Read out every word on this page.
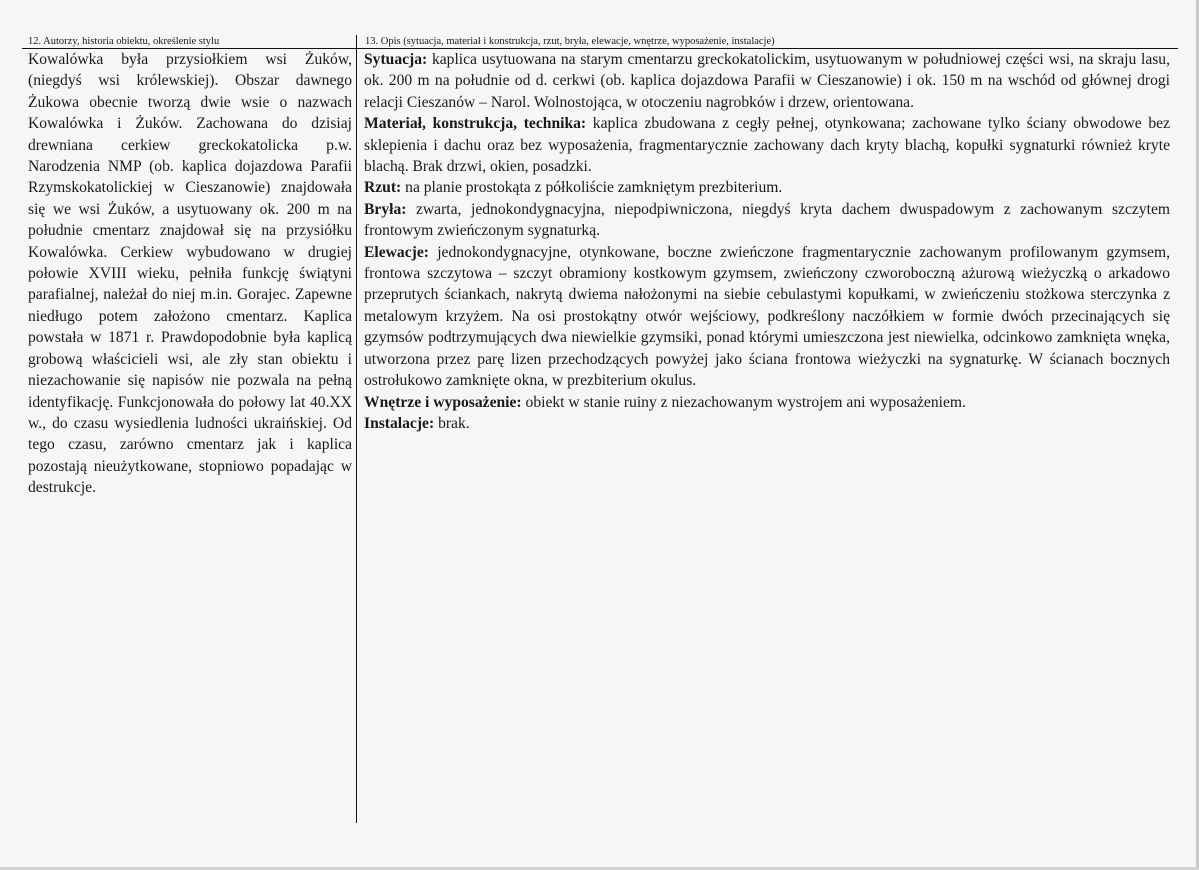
12. Autorzy, historia obiektu, określenie stylu	13. Opis (sytuacja, materiał i konstrukcja, rzut, bryła, elewacje, wnętrze, wyposażenie, instalacje)

Kowalówka była przysiołkiem wsi Żuków, (niegdyś wsi królewskiej). Obszar dawnego Żukowa obecnie tworzą dwie wsie o nazwach Kowalówka i Żuków. Zachowana do dzisiaj drewniana cerkiew greckokatolicka p.w. Narodzenia NMP (ob. kaplica dojazdowa Parafii Rzymskokatolickiej w Cieszanowie) znajdowała się we wsi Żuków, a usytuowany ok. 200 m na południe cmentarz znajdował się na przysiółku Kowalówka. Cerkiew wybudowano w drugiej połowie XVIII wieku, pełniła funkcję świątyni parafialnej, należał do niej m.in. Gorajec. Zapewne niedługo potem założono cmentarz. Kaplica powstała w 1871 r. Prawdopodobnie była kaplicą grobową właścicieli wsi, ale zły stan obiektu i niezachowanie się napisów nie pozwala na pełną identyfikację. Funkcjonowała do połowy lat 40.XX w., do czasu wysiedlenia ludności ukraińskiej. Od tego czasu, zarówno cmentarz jak i kaplica pozostają nieużytkowane, stopniowo popadając w destrukcje.

Sytuacja: kaplica usytuowana na starym cmentarzu greckokatolickim, usytuowanym w południowej części wsi, na skraju lasu, ok. 200 m na południe od d. cerkwi (ob. kaplica dojazdowa Parafii w Cieszanowie) i ok. 150 m na wschód od głównej drogi relacji Cieszanów – Narol. Wolnostojąca, w otoczeniu nagrobków i drzew, orientowana.

Materiał, konstrukcja, technika: kaplica zbudowana z cegły pełnej, otynkowana; zachowane tylko ściany obwodowe bez sklepienia i dachu oraz bez wyposażenia, fragmentarycznie zachowany dach kryty blachą, kopułki sygnaturki również kryte blachą. Brak drzwi, okien, posadzki.

Rzut: na planie prostokąta z półkoliście zamkniętym prezbiterium.

Bryła: zwarta, jednokondygnacyjna, niepodpiwniczona, niegdyś kryta dachem dwuspadowym z zachowanym szczytem frontowym zwieńczonym sygnaturką.

Elewacje: jednokondygnacyjne, otynkowane, boczne zwieńczone fragmentarycznie zachowanym profilowanym gzymsem, frontowa szczytowa – szczyt obramiony kostkowym gzymsem, zwieńczony czworoboczną ażurową wieżyczką o arkadowo przeprutych ściankach, nakrytą dwiema nałożonymi na siebie cebulastymi kopułkami, w zwieńczeniu stożkowa sterczynka z metalowym krzyżem. Na osi prostokątny otwór wejściowy, podkreślony naczółkiem w formie dwóch przecinających się gzymsów podtrzymujących dwa niewielkie gzymsiki, ponad którymi umieszczona jest niewielka, odcinkowo zamknięta wnęka, utworzona przez parę lizen przechodzących powyżej jako ściana frontowa wieżyczki na sygnaturkę. W ścianach bocznych ostrołukowo zamknięte okna, w prezbiterium okulus.

Wnętrze i wyposażenie: obiekt w stanie ruiny z niezachowanym wystrojem ani wyposażeniem.

Instalacje: brak.
